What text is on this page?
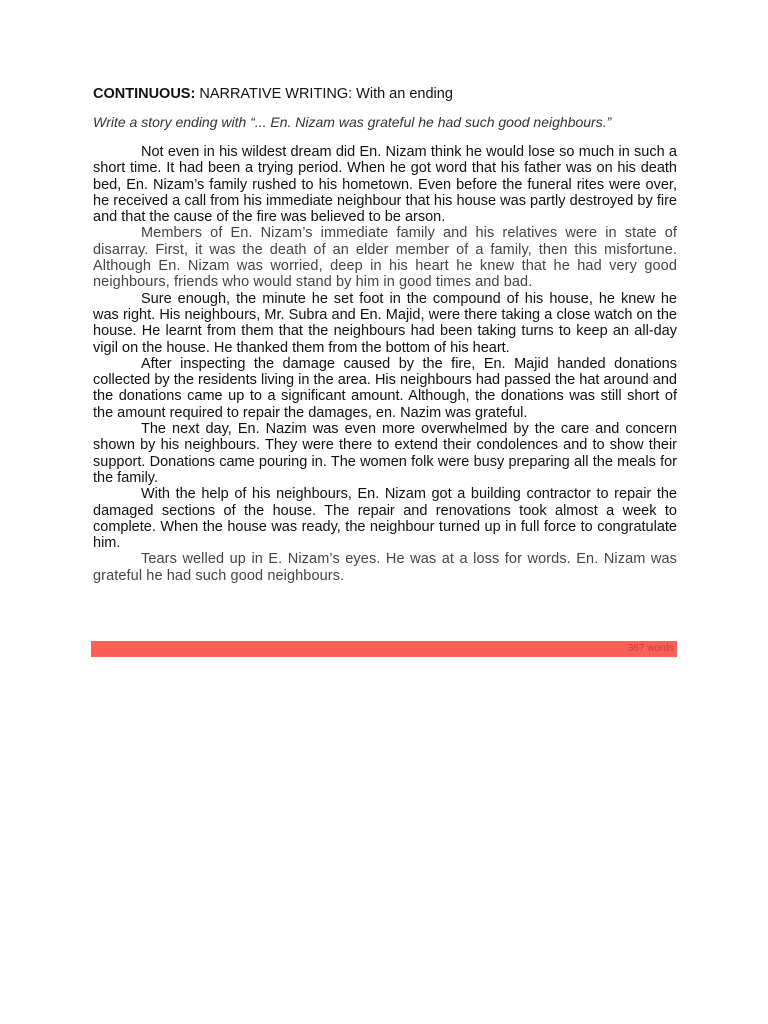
CONTINUOUS: NARRATIVE WRITING: With an ending
Write a story ending with “... En. Nizam was grateful he had such good neighbours.”

Not even in his wildest dream did En. Nizam think he would lose so much in such a short time. It had been a trying period. When he got word that his father was on his death bed, En. Nizam’s family rushed to his hometown. Even before the funeral rites were over, he received a call from his immediate neighbour that his house was partly destroyed by fire and that the cause of the fire was believed to be arson.

Members of En. Nizam’s immediate family and his relatives were in state of disarray. First, it was the death of an elder member of a family, then this misfortune. Although En. Nizam was worried, deep in his heart he knew that he had very good neighbours, friends who would stand by him in good times and bad.

Sure enough, the minute he set foot in the compound of his house, he knew he was right. His neighbours, Mr. Subra and En. Majid, were there taking a close watch on the house. He learnt from them that the neighbours had been taking turns to keep an all-day vigil on the house. He thanked them from the bottom of his heart.

After inspecting the damage caused by the fire, En. Majid handed donations collected by the residents living in the area. His neighbours had passed the hat around and the donations came up to a significant amount. Although, the donations was still short of the amount required to repair the damages, en. Nazim was grateful.

The next day, En. Nazim was even more overwhelmed by the care and concern shown by his neighbours. They were there to extend their condolences and to show their support. Donations came pouring in. The women folk were busy preparing all the meals for the family.

With the help of his neighbours, En. Nizam got a building contractor to repair the damaged sections of the house. The repair and renovations took almost a week to complete. When the house was ready, the neighbour turned up in full force to congratulate him.

Tears welled up in E. Nizam’s eyes. He was at a loss for words. En. Nizam was grateful he had such good neighbours.

367 words
